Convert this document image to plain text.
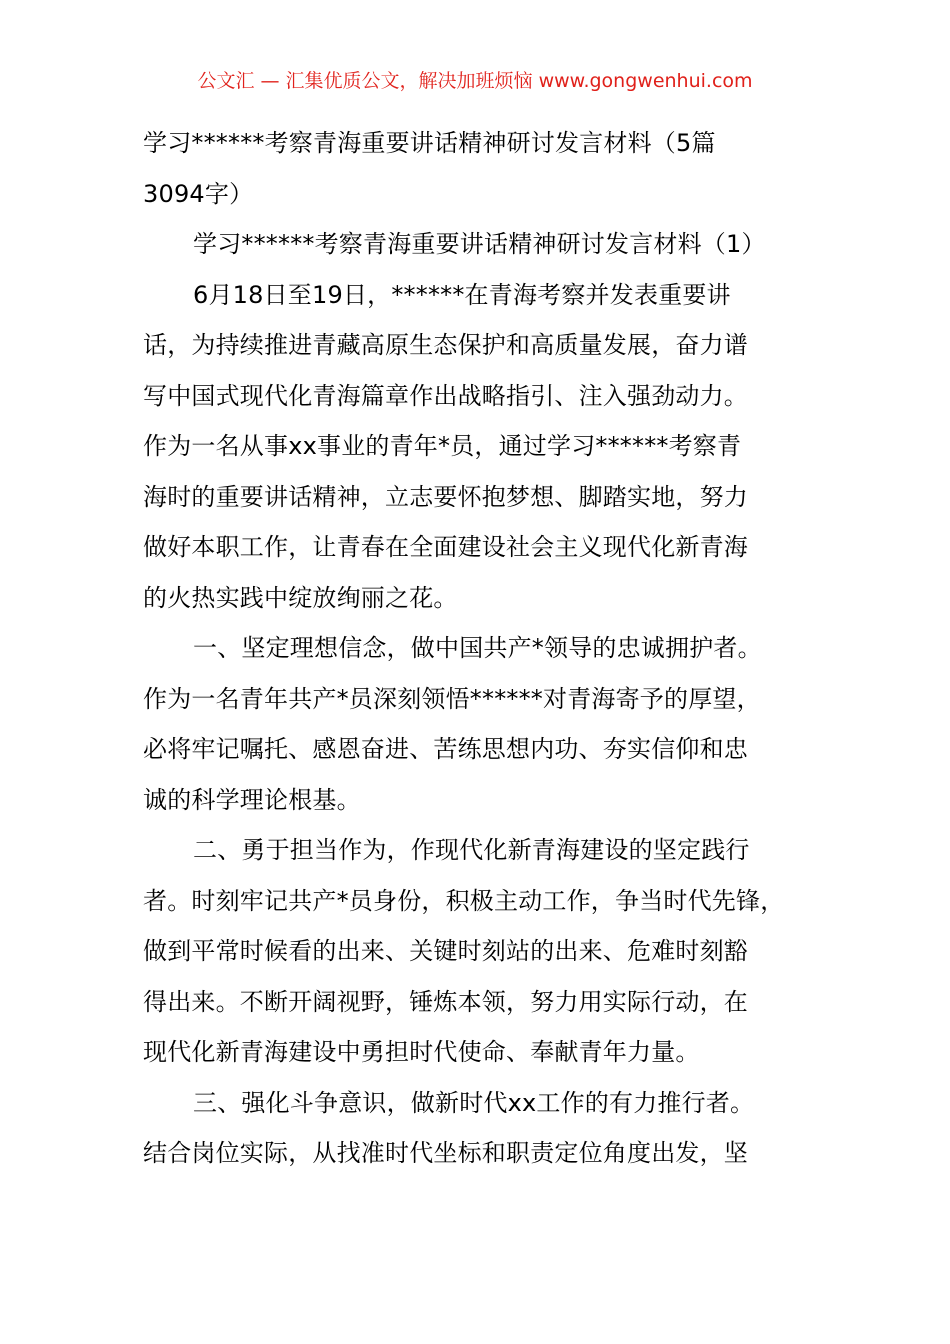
公文汇 — 汇集优质公文，解决加班烦恼 www.gongwenhui.com
学习******考察青海重要讲话精神研讨发言材料（5篇
3094字）
学习******考察青海重要讲话精神研讨发言材料（1）
6月18日至19日，******在青海考察并发表重要讲
话，为持续推进青藏高原生态保护和高质量发展，奋力谱
写中国式现代化青海篇章作出战略指引、注入强劲动力。
作为一名从事xx事业的青年*员，通过学习******考察青
海时的重要讲话精神，立志要怀抱梦想、脚踏实地，努力
做好本职工作，让青春在全面建设社会主义现代化新青海
的火热实践中绽放绚丽之花。
一、坚定理想信念，做中国共产*领导的忠诚拥护者。
作为一名青年共产*员深刻领悟******对青海寄予的厚望，
必将牢记嘱托、感恩奋进、苦练思想内功、夯实信仰和忠
诚的科学理论根基。
二、勇于担当作为，作现代化新青海建设的坚定践行
者。时刻牢记共产*员身份，积极主动工作，争当时代先锋，
做到平常时候看的出来、关键时刻站的出来、危难时刻豁
得出来。不断开阔视野，锤炼本领，努力用实际行动，在
现代化新青海建设中勇担时代使命、奉献青年力量。
三、强化斗争意识，做新时代xx工作的有力推行者。
结合岗位实际，从找准时代坐标和职责定位角度出发，坚
